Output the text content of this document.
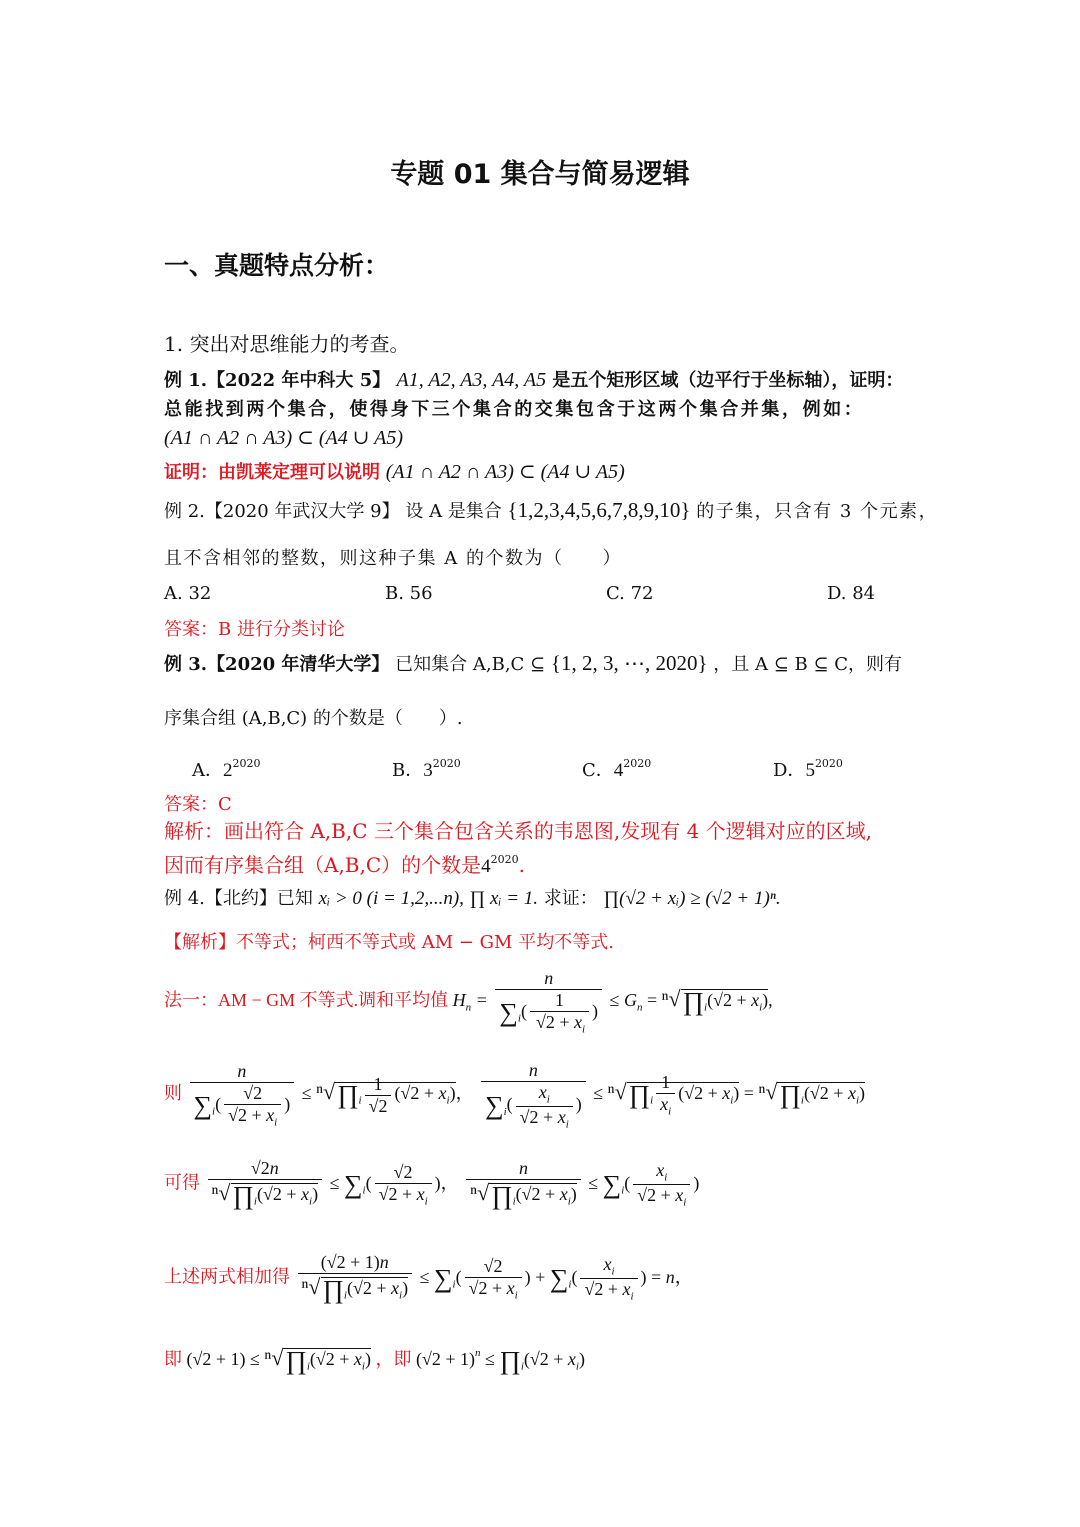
专题 01 集合与简易逻辑
一、真题特点分析：
1. 突出对思维能力的考查。
例 1.【2022 年中科大 5】 A1, A2, A3, A4, A5 是五个矩形区域（边平行于坐标轴），证明：
总能找到两个集合，使得身下三个集合的交集包含于这两个集合并集，例如：
(A1 ∩ A2 ∩ A3) ⊂ (A4 ∪ A5)
证明：由凯莱定理可以说明 (A1 ∩ A2 ∩ A3) ⊂ (A4 ∪ A5)
例 2.【2020 年武汉大学 9】 设 A 是集合 {1,2,3,4,5,6,7,8,9,10} 的子集，只含有 3 个元素，
且不含相邻的整数，则这种子集 A 的个数为（　　）
A. 32	B. 56	C. 72	D. 84
答案：B 进行分类讨论
例 3.【2020 年清华大学】 已知集合 A,B,C ⊆ {1, 2, 3, ⋯, 2020} ，且 A ⊆ B ⊆ C，则有
序集合组 (A,B,C) 的个数是（　　）.
A．$2^{2020}$	B．$3^{2020}$	C．$4^{2020}$	D．$5^{2020}$
答案：C
解析：画出符合 A,B,C 三个集合包含关系的韦恩图,发现有 4 个逻辑对应的区域,
因而有序集合组（A,B,C）的个数是$4^{2020}$.
例 4.【北约】已知 xᵢ > 0 (i = 1,2,...n), ∏ xᵢ = 1. 求证： ∏(√2 + xᵢ) ≥ (√2 + 1)ⁿ.
【解析】不等式；柯西不等式或 AM − GM 平均不等式.
法一：AM − GM 不等式.调和平均值 $H_n = \frac{n}{\sum_i( \frac{1}{√2 + x_i} )} \le G_n$ = $^n√\prod_i(√2 + x_i)$,
则 $\frac{n}{\sum_i( \frac{√2}{√2 + x_i} )}$ ≤ $^n√\prod_i \frac{1}{√2} (√2 + x_i)$， $\frac{n}{\sum_i( \frac{x_i}{√2 + x_i} )}$ ≤ $^n√\prod_i \frac{1}{x_i} (√2 + x_i)$ = $^n√\prod_i(√2 + x_i)$
可得 $\frac{√2n}{^n√\prod_i(√2 + x_i)} \le \sum_i( \frac{√2}{√2 + x_i}$ )， $\frac{n}{^n√\prod_i(√2 + x_i)} \le \sum_i( \frac{x_i}{√2 + x_i}$ )
上述两式相加得 $\frac{(√2 + 1)n}{^n√\prod_i(√2 + x_i)} \le \sum_i( \frac{√2}{√2 + x_i}$ ) + $\sum_i( \frac{x_i}{√2 + x_i}$ ) = n，
即 $(√2 + 1) \le ^n√\prod_i(√2 + x_i)$ ，即 $(√2 + 1)^n$ ≤ $\prod_i(√2 + x_i)$
